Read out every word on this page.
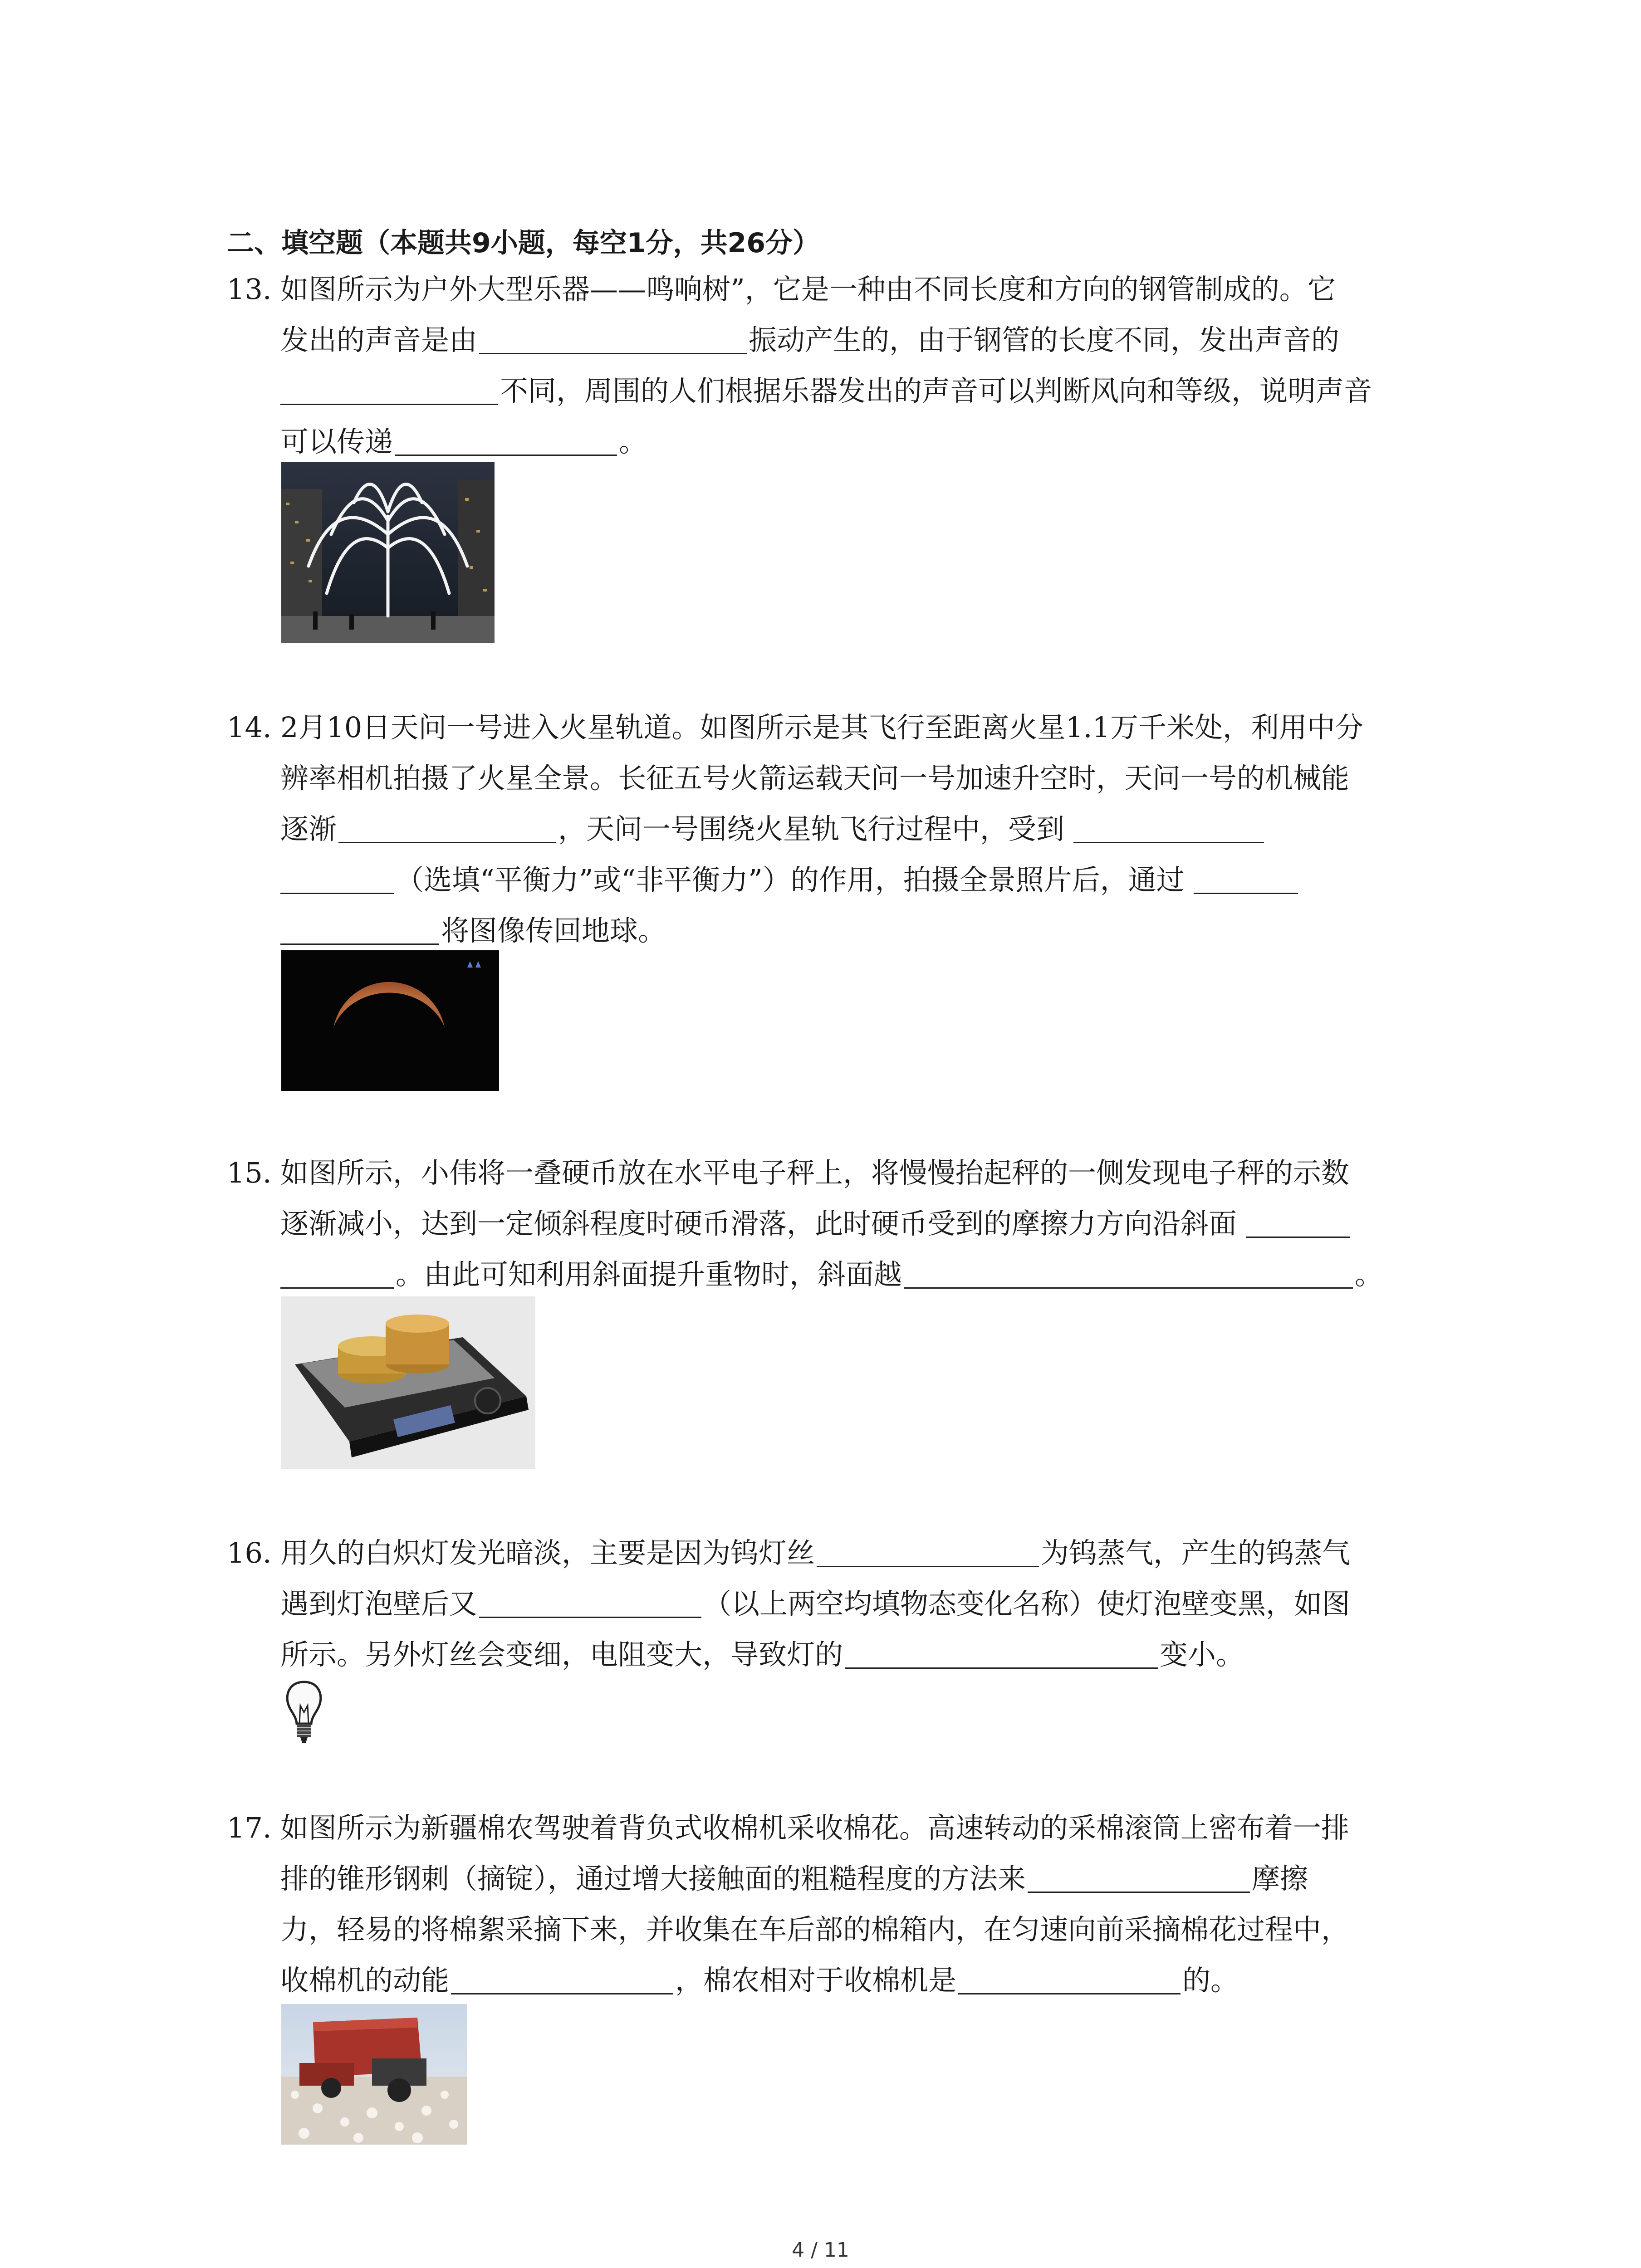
二、填空题（本题共9小题，每空1分，共26分）
13. 如图所示为户外大型乐器——鸣响树”，它是一种由不同长度和方向的钢管制成的。它
发出的声音是由	振动产生的，由于钢管的长度不同，发出声音的
不同，周围的人们根据乐器发出的声音可以判断风向和等级，说明声音
可以传递	。
14. 2月10日天问一号进入火星轨道。如图所示是其飞行至距离火星1.1万千米处，利用中分
辨率相机拍摄了火星全景。长征五号火箭运载天问一号加速升空时，天问一号的机械能
逐渐	，天问一号围绕火星轨飞行过程中，受到
（选填“平衡力”或“非平衡力”）的作用，拍摄全景照片后，通过
将图像传回地球。
15. 如图所示，小伟将一叠硬币放在水平电子秤上，将慢慢抬起秤的一侧发现电子秤的示数
逐渐减小，达到一定倾斜程度时硬币滑落，此时硬币受到的摩擦力方向沿斜面
。由此可知利用斜面提升重物时，斜面越	。
16. 用久的白炽灯发光暗淡，主要是因为钨灯丝	为钨蒸气，产生的钨蒸气
遇到灯泡壁后又	（以上两空均填物态变化名称）使灯泡壁变黑，如图
所示。另外灯丝会变细，电阻变大，导致灯的	变小。
17. 如图所示为新疆棉农驾驶着背负式收棉机采收棉花。高速转动的采棉滚筒上密布着一排
排的锥形钢刺（摘锭），通过增大接触面的粗糙程度的方法来	摩擦
力，轻易的将棉絮采摘下来，并收集在车后部的棉箱内，在匀速向前采摘棉花过程中，
收棉机的动能	，棉农相对于收棉机是	的。
4 / 11
